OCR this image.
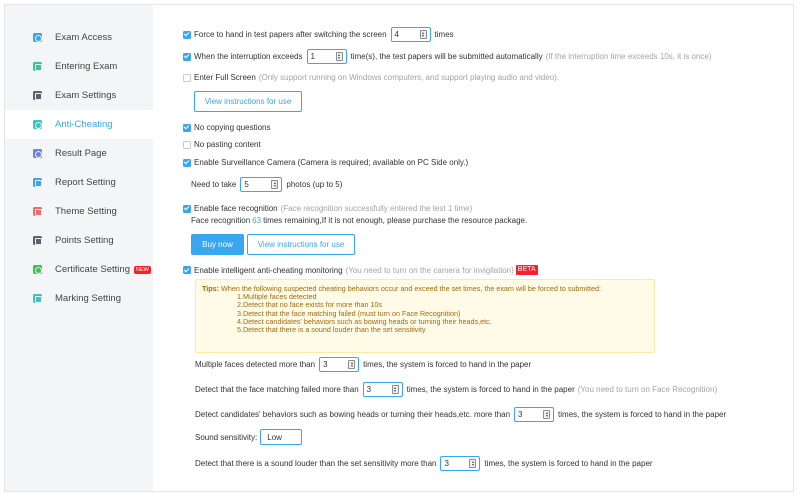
Exam Access
Entering Exam
Exam Settings
Anti-Cheating
Result Page
Report Setting
Theme Setting
Points Setting
Certificate Setting	NEW
Marking Setting
Force to hand in test papers after switching the screen 4	times
When the interruption exceeds 1	time(s), the test papers will be submitted automatically (If the interruption time exceeds 10s, it is once)
Enter Full Screen (Only support running on Windows computers, and support playing audio and video).
View instructions for use
No copying questions
No pasting content
Enable Surveillance Camera (Camera is required; available on PC Side only.)
Need to take 5	photos (up to 5)
Enable face recognition (Face recognition successfully entered the test 1 time)
Face recognition 63 times remaining,If it is not enough, please purchase the resource package.
Buy now	View instructions for use
Enable intelligent anti-cheating monitoring (You need to turn on the camera for invigilation) BETA
Tips: When the following suspected cheating behaviors occur and exceed the set times, the exam will be forced to submitted:
1.Multiple faces detected
2.Detect that no face exists for more than 10s
3.Detect that the face matching failed (must turn on Face Recognition)
4.Detect candidates' behaviors such as bowing heads or turning their heads,etc.
5.Detect that there is a sound louder than the set sensitivity
Multiple faces detected more than 3	times, the system is forced to hand in the paper
Detect that the face matching failed more than 3	times, the system is forced to hand in the paper (You need to turn on Face Recognition)
Detect candidates' behaviors such as bowing heads or turning their heads,etc. more than 3	times, the system is forced to hand in the paper
Sound sensitivity:	Low
Detect that there is a sound louder than the set sensitivity more than 3	times, the system is forced to hand in the paper
